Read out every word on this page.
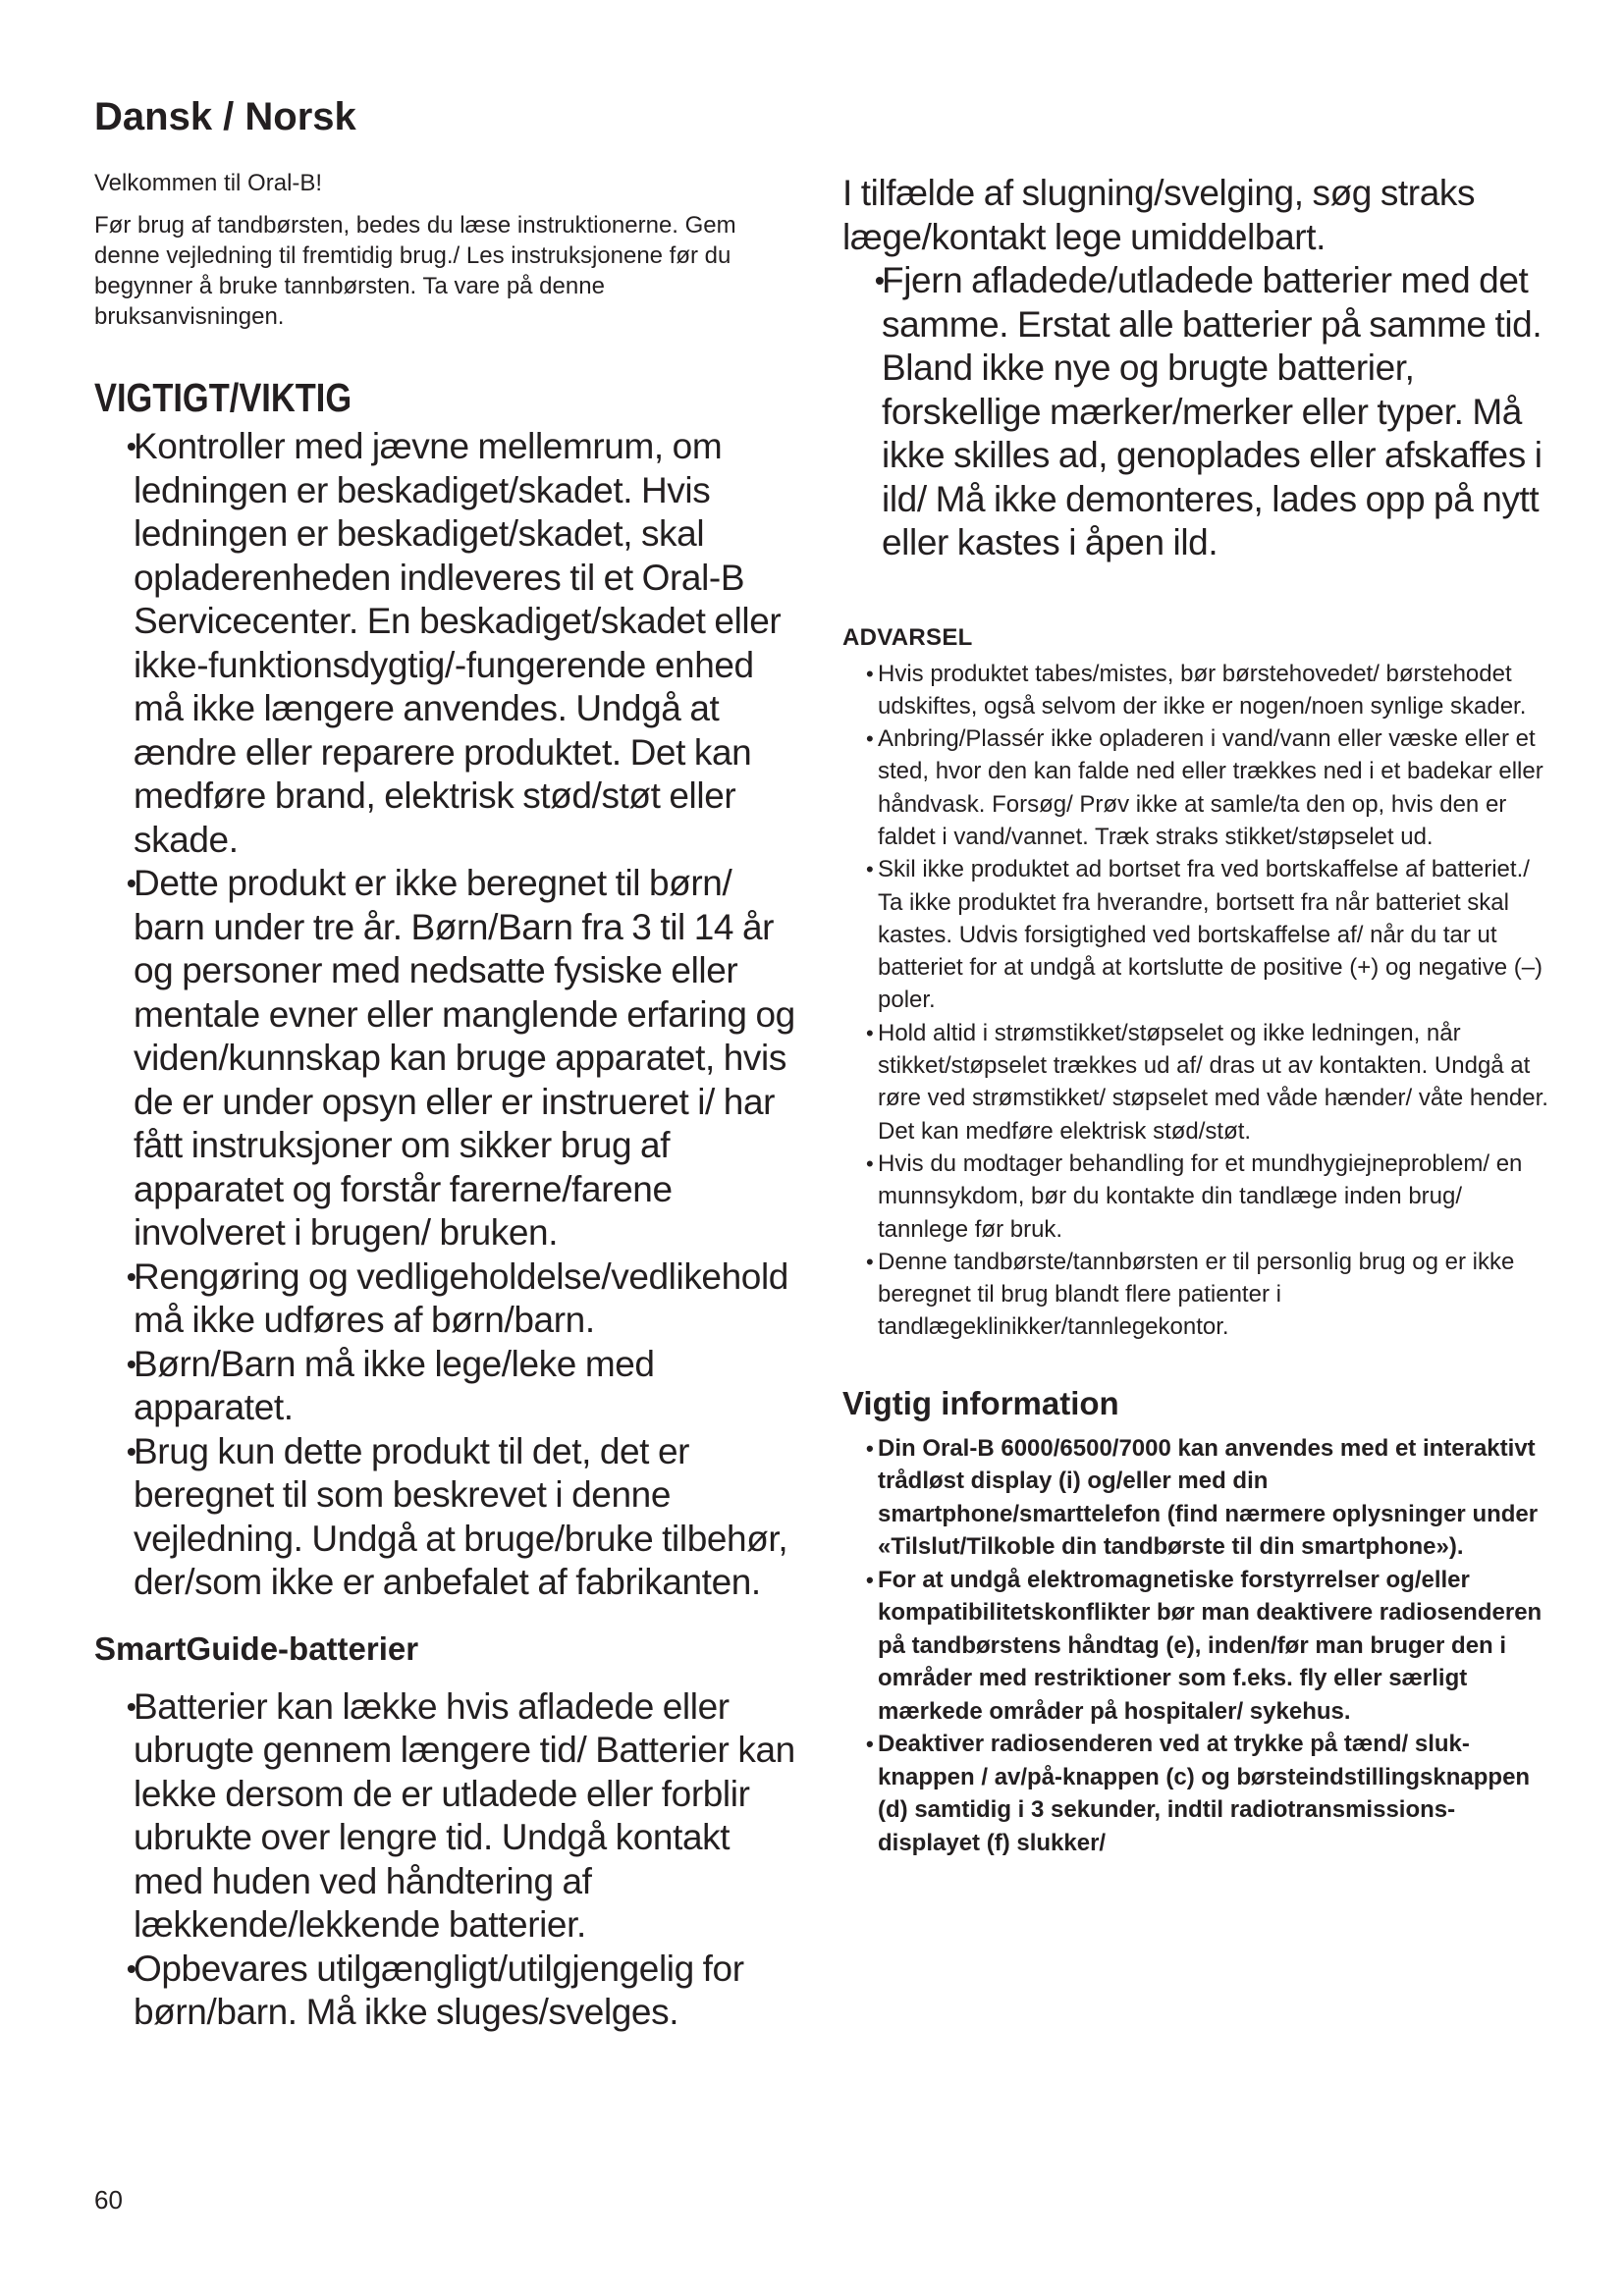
Dansk / Norsk

Velkommen til Oral-B!

Før brug af tandbørsten, bedes du læse instruktionerne. Gem denne vejledning til fremtidig brug./ Les instruksjonene før du begynner å bruke tannbørsten. Ta vare på denne bruksanvisningen.

VIGTIGT/VIKTIG
• Kontroller med jævne mellemrum, om ledningen er beskadiget/skadet. Hvis ledningen er beskadiget/skadet, skal opladerenheden indleveres til et Oral-B Servicecenter. En beskadiget/skadet eller ikke-funktionsdygtig/-fungerende enhed må ikke længere anvendes. Undgå at ændre eller reparere produktet. Det kan medføre brand, elektrisk stød/støt eller skade.
• Dette produkt er ikke beregnet til børn/ barn under tre år. Børn/Barn fra 3 til 14 år og personer med nedsatte fysiske eller mentale evner eller manglende erfaring og viden/kunnskap kan bruge apparatet, hvis de er under opsyn eller er instrueret i/ har fått instruksjoner om sikker brug af apparatet og forstår farerne/farene involveret i brugen/ bruken.
• Rengøring og vedligeholdelse/vedlikehold må ikke udføres af børn/barn.
• Børn/Barn må ikke lege/leke med apparatet.
• Brug kun dette produkt til det, det er beregnet til som beskrevet i denne vejledning. Undgå at bruge/bruke tilbehør, der/som ikke er anbefalet af fabrikanten.
SmartGuide-batterier
• Batterier kan lække hvis afladede eller ubrugte gennem længere tid/ Batterier kan lekke dersom de er utladede eller forblir ubrukte over lengre tid. Undgå kontakt med huden ved håndtering af lækkende/lekkende batterier.
• Opbevares utilgængligt/utilgjengelig for børn/barn. Må ikke sluges/svelges.

I tilfælde af slugning/svelging, søg straks læge/kontakt lege umiddelbart.

• Fjern afladede/utladede batterier med det samme. Erstat alle batterier på samme tid. Bland ikke nye og brugte batterier, forskellige mærker/merker eller typer. Må ikke skilles ad, genoplades eller afskaffes i ild/ Må ikke demonteres, lades opp på nytt eller kastes i åpen ild.
ADVARSEL
• Hvis produktet tabes/mistes, bør børstehovedet/ børstehodet udskiftes, også selvom der ikke er nogen/noen synlige skader.
• Anbring/Plassér ikke opladeren i vand/vann eller væske eller et sted, hvor den kan falde ned eller trækkes ned i et badekar eller håndvask. Forsøg/ Prøv ikke at samle/ta den op, hvis den er faldet i vand/vannet. Træk straks stikket/støpselet ud.
• Skil ikke produktet ad bortset fra ved bortskaffelse af batteriet./ Ta ikke produktet fra hverandre, bortsett fra når batteriet skal kastes. Udvis forsigtighed ved bortskaffelse af/ når du tar ut batteriet for at undgå at kortslutte de positive (+) og negative (–) poler.
• Hold altid i strømstikket/støpselet og ikke ledningen, når stikket/støpselet trækkes ud af/ dras ut av kontakten. Undgå at røre ved strømstikket/ støpselet med våde hænder/ våte hender. Det kan medføre elektrisk stød/støt.
• Hvis du modtager behandling for et mundhygiejneproblem/ en munnsykdom, bør du kontakte din tandlæge inden brug/ tannlege før bruk.
• Denne tandbørste/tannbørsten er til personlig brug og er ikke beregnet til brug blandt flere patienter i tandlægeklinikker/tannlegekontor.
Vigtig information
• Din Oral-B 6000/6500/7000 kan anvendes med et interaktivt trådløst display (i) og/eller med din smartphone/smarttelefon (find nærmere oplysninger under «Tilslut/Tilkoble din tandbørste til din smartphone»).
• For at undgå elektromagnetiske forstyrrelser og/eller kompatibilitetskonflikter bør man deaktivere radiosenderen på tandbørstens håndtag (e), inden/før man bruger den i områder med restriktioner som f.eks. fly eller særligt mærkede områder på hospitaler/ sykehus.
• Deaktiver radiosenderen ved at trykke på tænd/ sluk-knappen / av/på-knappen (c) og børsteindstillingsknappen (d) samtidig i 3 sekunder, indtil radiotransmissions-displayet (f) slukker/
60
